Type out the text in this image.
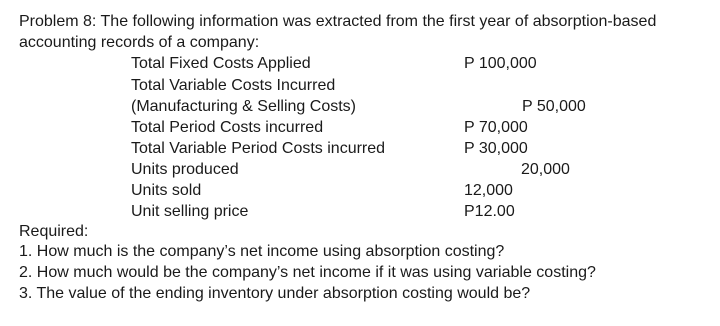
Problem 8: The following information was extracted from the first year of absorption-based
accounting records of a company:
Total Fixed Costs Applied	P 100,000
Total Variable Costs Incurred
(Manufacturing & Selling Costs)	P 50,000
Total Period Costs incurred	P 70,000
Total Variable Period Costs incurred	P 30,000
Units produced	20,000
Units sold	12,000
Unit selling price	P12.00
Required:
1. How much is the company’s net income using absorption costing?
2. How much would be the company’s net income if it was using variable costing?
3. The value of the ending inventory under absorption costing would be?
